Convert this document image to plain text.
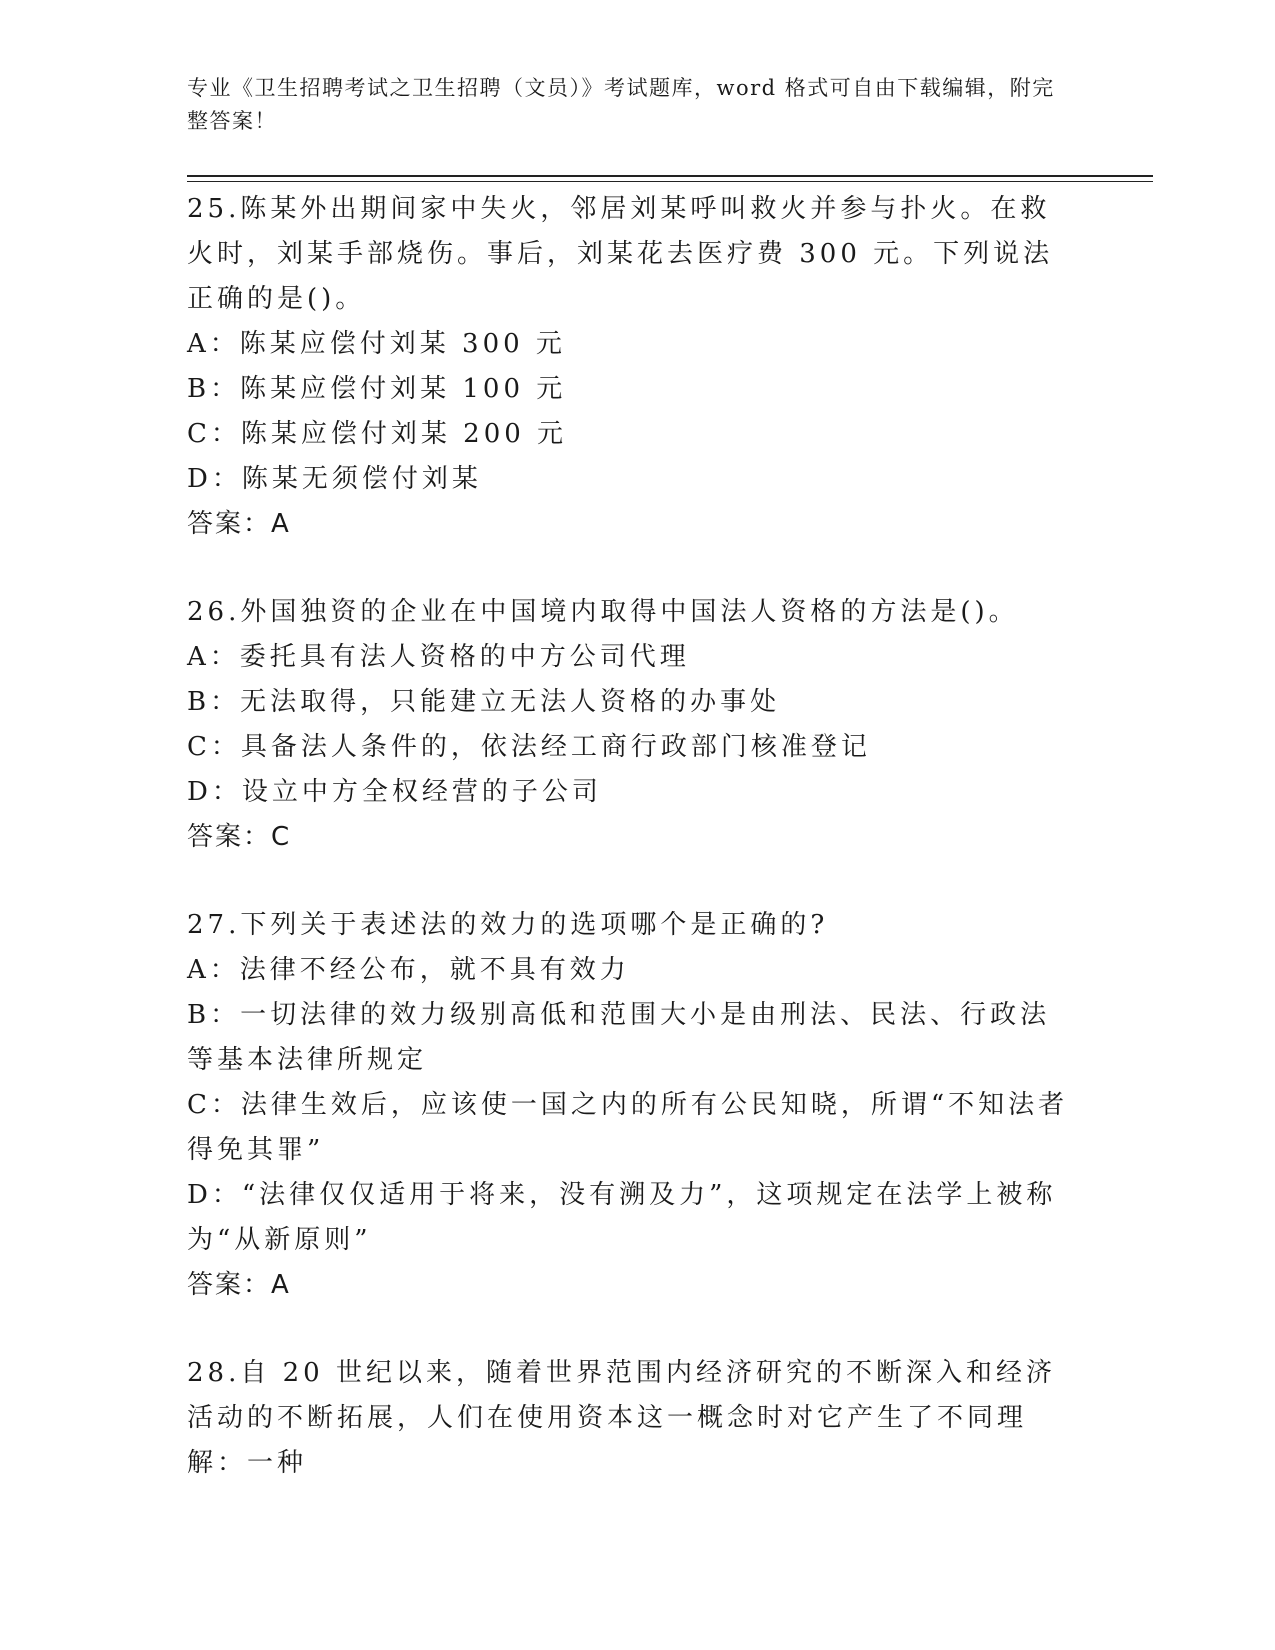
专业《卫生招聘考试之卫生招聘（文员）》考试题库，word 格式可自由下载编辑，附完整答案！

25.陈某外出期间家中失火，邻居刘某呼叫救火并参与扑火。在救火时，刘某手部烧伤。事后，刘某花去医疗费 300 元。下列说法正确的是()。

A：陈某应偿付刘某 300 元

B：陈某应偿付刘某 100 元

C：陈某应偿付刘某 200 元

D：陈某无须偿付刘某

答案：A

26.外国独资的企业在中国境内取得中国法人资格的方法是()。

A：委托具有法人资格的中方公司代理

B：无法取得，只能建立无法人资格的办事处

C：具备法人条件的，依法经工商行政部门核准登记

D：设立中方全权经营的子公司

答案：C

27.下列关于表述法的效力的选项哪个是正确的?

A：法律不经公布，就不具有效力

B：一切法律的效力级别高低和范围大小是由刑法、民法、行政法等基本法律所规定

C：法律生效后，应该使一国之内的所有公民知晓，所谓“不知法者得免其罪”

D：“法律仅仅适用于将来，没有溯及力”，这项规定在法学上被称为“从新原则”

答案：A

28.自 20 世纪以来，随着世界范围内经济研究的不断深入和经济活动的不断拓展，人们在使用资本这一概念时对它产生了不同理解：一种
